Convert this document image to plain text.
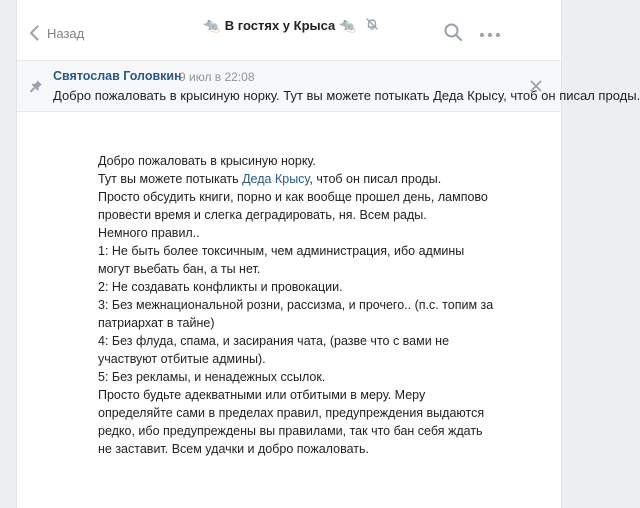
Назад	🐀 В гостях у Крыса 🐀
Святослав Головкин
9 июл в 22:08
Добро пожаловать в крысиную норку. Тут вы можете потыкать Деда Крысу, чтоб он писал проды.

Добро пожаловать в крысиную норку.

Тут вы можете потыкать Деда Крысу, чтоб он писал проды.

Просто обсудить книги, порно и как вообще прошел день, лампово провести время и слегка деградировать, ня. Всем рады.

Немного правил..

1: Не быть более токсичным, чем администрация, ибо админы могут вьебать бан, а ты нет.

2: Не создавать конфликты и провокации.

3: Без межнациональной розни, рассизма, и прочего.. (п.с. топим за патриархат в тайне)

4: Без флуда, спама, и засирания чата, (разве что с вами не участвуют отбитые админы).

5: Без рекламы, и ненадежных ссылок.

Просто будьте адекватными или отбитыми в меру. Меру определяйте сами в пределах правил, предупреждения выдаются редко, ибо предупреждены вы правилами, так что бан себя ждать не заставит. Всем удачки и добро пожаловать.
